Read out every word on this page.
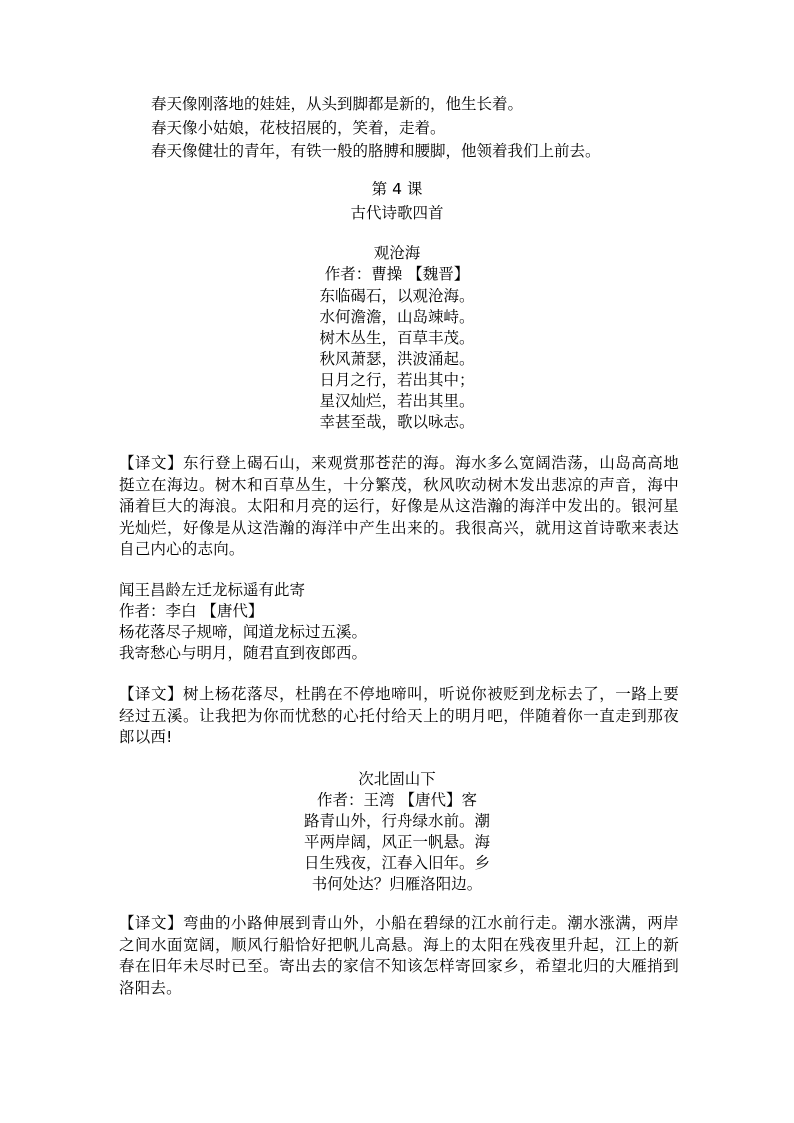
春天像刚落地的娃娃，从头到脚都是新的，他生长着。
春天像小姑娘，花枝招展的，笑着，走着。
春天像健壮的青年，有铁一般的胳膊和腰脚，他领着我们上前去。
第 4 课
古代诗歌四首
观沧海
作者：曹操 【魏晋】
东临碣石，以观沧海。
水何澹澹，山岛竦峙。
树木丛生，百草丰茂。
秋风萧瑟，洪波涌起。
日月之行，若出其中；
星汉灿烂，若出其里。
幸甚至哉，歌以咏志。
【译文】东行登上碣石山，来观赏那苍茫的海。海水多么宽阔浩荡，山岛高高地挺立在海边。树木和百草丛生，十分繁茂，秋风吹动树木发出悲凉的声音，海中涌着巨大的海浪。太阳和月亮的运行，好像是从这浩瀚的海洋中发出的。银河星光灿烂，好像是从这浩瀚的海洋中产生出来的。我很高兴，就用这首诗歌来表达自己内心的志向。
闻王昌龄左迁龙标遥有此寄
作者：李白 【唐代】
杨花落尽子规啼，闻道龙标过五溪。
我寄愁心与明月，随君直到夜郎西。
【译文】树上杨花落尽，杜鹃在不停地啼叫，听说你被贬到龙标去了，一路上要经过五溪。让我把为你而忧愁的心托付给天上的明月吧，伴随着你一直走到那夜郎以西!
次北固山下
作者：王湾 【唐代】客
路青山外，行舟绿水前。潮
平两岸阔，风正一帆悬。海
日生残夜，江春入旧年。乡
书何处达？归雁洛阳边。
【译文】弯曲的小路伸展到青山外，小船在碧绿的江水前行走。潮水涨满，两岸之间水面宽阔，顺风行船恰好把帆儿高悬。海上的太阳在残夜里升起，江上的新春在旧年未尽时已至。寄出去的家信不知该怎样寄回家乡，希望北归的大雁捎到洛阳去。
